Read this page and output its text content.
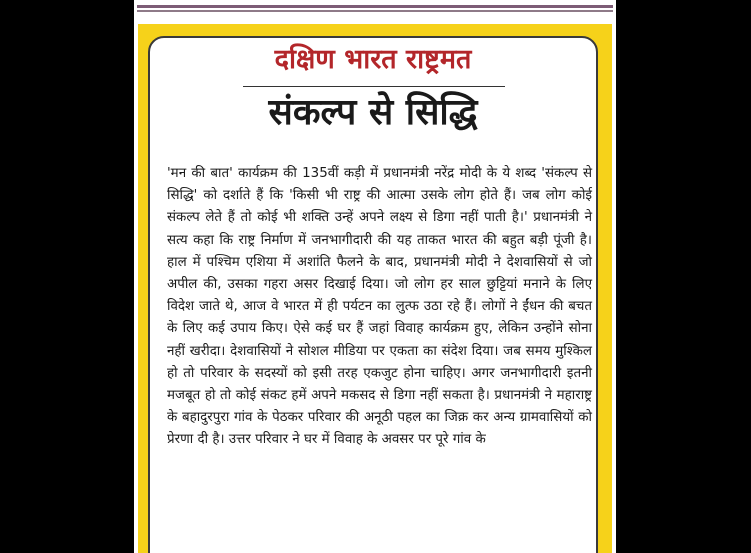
दक्षिण भारत राष्ट्रमत
संकल्प से सिद्धि

'मन की बात' कार्यक्रम की 135वीं कड़ी में प्रधानमंत्री नरेंद्र मोदी के ये शब्द 'संकल्प से सिद्धि' को दर्शाते हैं कि 'किसी भी राष्ट्र की आत्मा उसके लोग होते हैं। जब लोग कोई संकल्प लेते हैं तो कोई भी शक्ति उन्हें अपने लक्ष्य से डिगा नहीं पाती है।' प्रधानमंत्री ने सत्य कहा कि राष्ट्र निर्माण में जनभागीदारी की यह ताकत भारत की बहुत बड़ी पूंजी है। हाल में पश्चिम एशिया में अशांति फैलने के बाद, प्रधानमंत्री मोदी ने देशवासियों से जो अपील की, उसका गहरा असर दिखाई दिया। जो लोग हर साल छुट्टियां मनाने के लिए विदेश जाते थे, आज वे भारत में ही पर्यटन का लुत्फ उठा रहे हैं। लोगों ने ईंधन की बचत के लिए कई उपाय किए। ऐसे कई घर हैं जहां विवाह कार्यक्रम हुए, लेकिन उन्होंने सोना नहीं खरीदा। देशवासियों ने सोशल मीडिया पर एकता का संदेश दिया। जब समय मुश्किल हो तो परिवार के सदस्यों को इसी तरह एकजुट होना चाहिए। अगर जनभागीदारी इतनी मजबूत हो तो कोई संकट हमें अपने मकसद से डिगा नहीं सकता है। प्रधानमंत्री ने महाराष्ट्र के बहादुरपुरा गांव के पेठकर परिवार की अनूठी पहल का जिक्र कर अन्य ग्रामवासियों को प्रेरणा दी है। उत्तर परिवार ने घर में विवाह के अवसर पर पूरे गांव के
